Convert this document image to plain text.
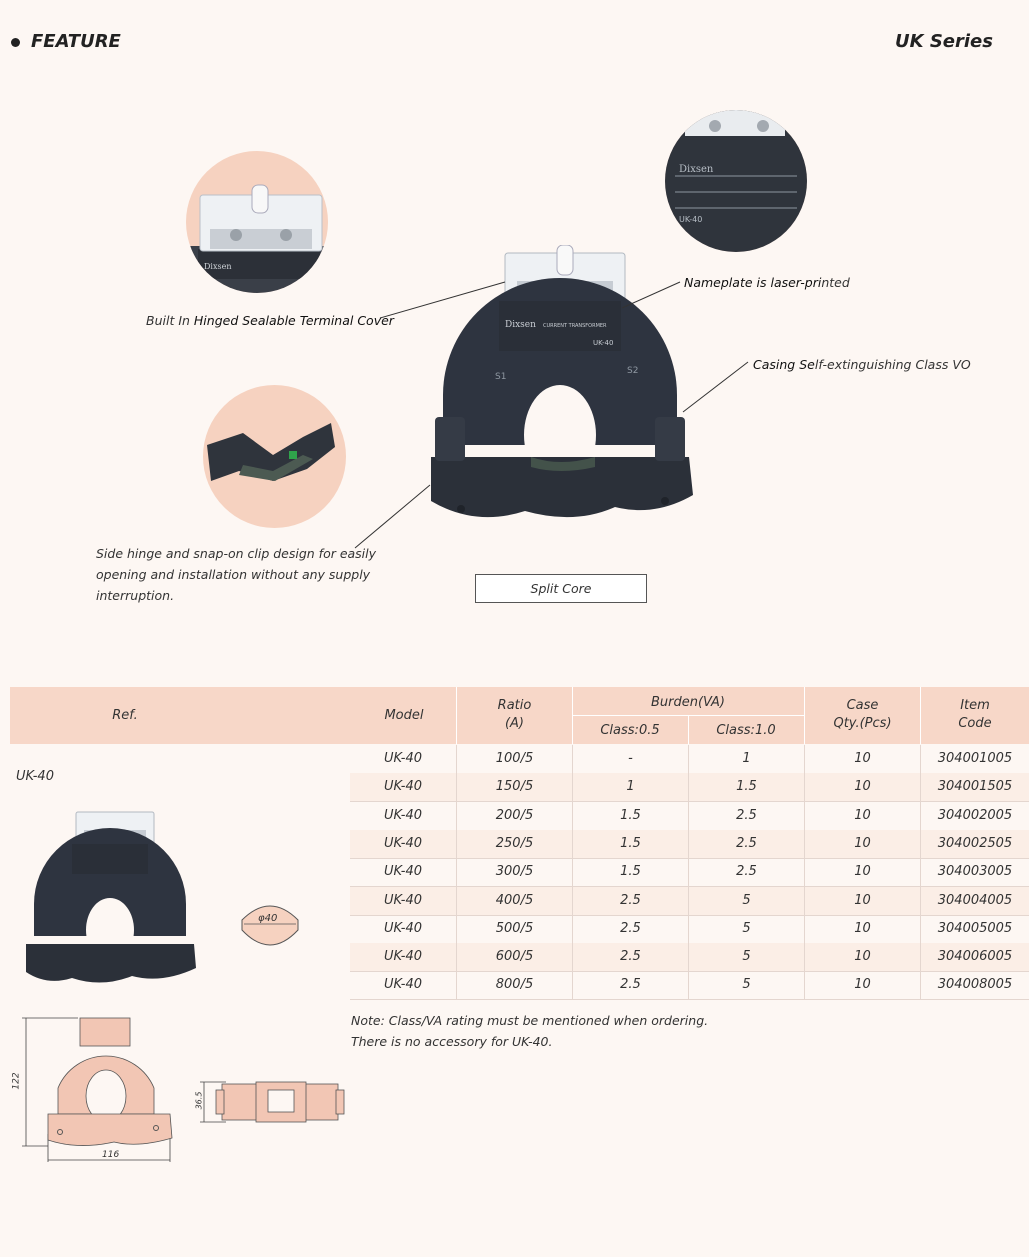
FEATURE	UK Series
Dixsen
Dixsen
UK-40
Dixsen CURRENT TRANSFORMER
UK-40
S1
S2
Built In Hinged Sealable Terminal Cover
Nameplate is laser-printed
Casing Self-extinguishing Class VO
Side hinge and snap-on clip design for easily
opening and installation without any supply
interruption.	Split Core
Ref.	Model
Ratio
(A)
Burden(VA)
Class:0.5	Class:1.0
Case
Qty.(Pcs)
Item
Code
UK-40	100/5	-	1	10	304001005
UK-40	150/5	1	1.5	10	304001505
UK-40	200/5	1.5	2.5	10	304002005
UK-40	250/5	1.5	2.5	10	304002505
UK-40	300/5	1.5	2.5	10	304003005
UK-40	400/5	2.5	5	10	304004005
UK-40	500/5	2.5	5	10	304005005
UK-40	600/5	2.5	5	10	304006005
UK-40	800/5	2.5	5	10	304008005
UK-40
φ40
122
116
36.5
Note: Class/VA rating must be mentioned when ordering.
There is no accessory for UK-40.
